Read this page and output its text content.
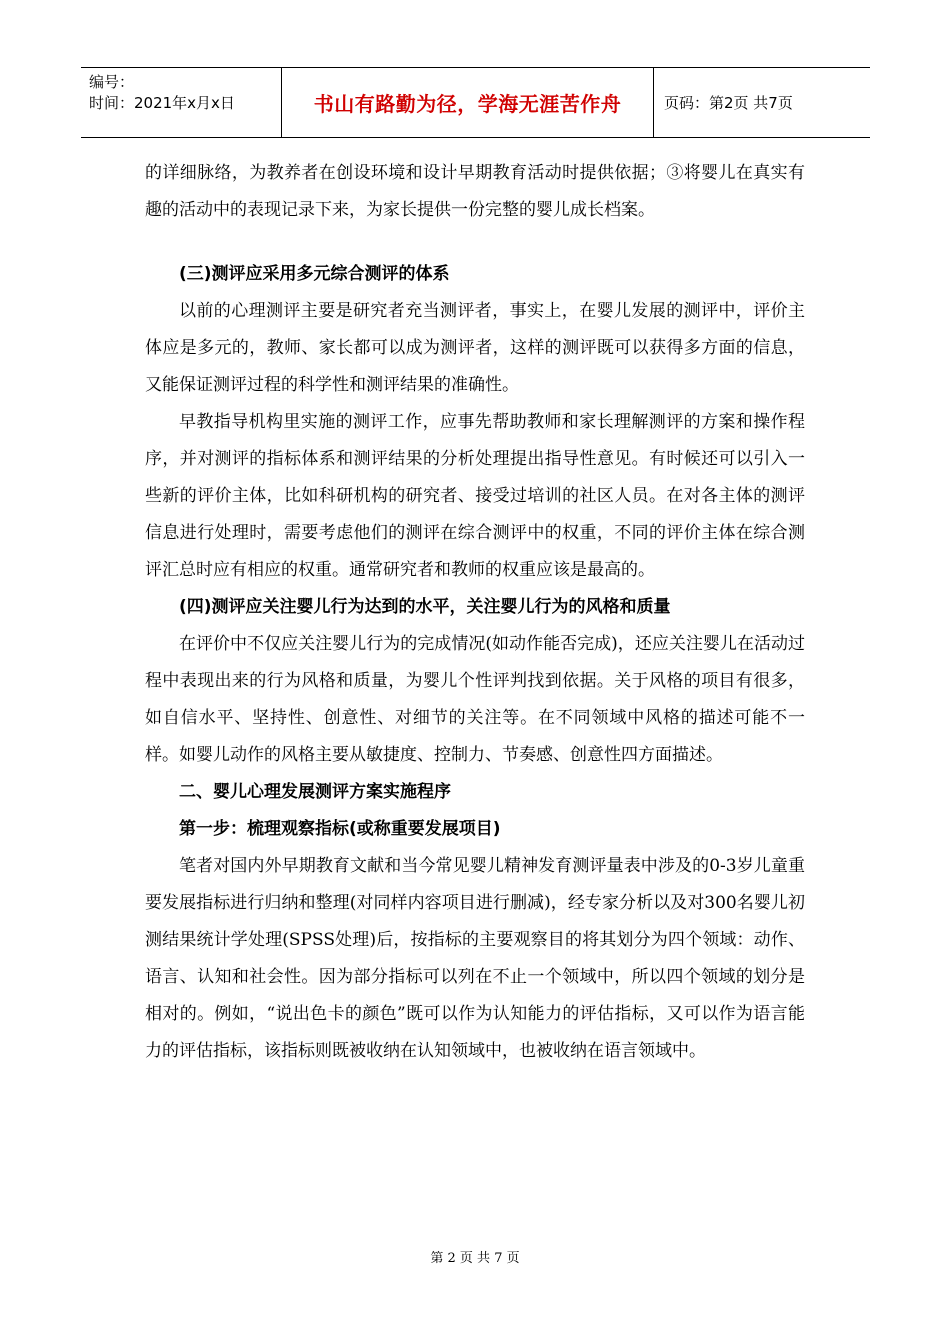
编号：
时间：2021年x月x日	书山有路勤为径，学海无涯苦作舟	页码：第2页 共7页

的详细脉络，为教养者在创设环境和设计早期教育活动时提供依据；③将婴儿在真实有趣的活动中的表现记录下来，为家长提供一份完整的婴儿成长档案。

(三)测评应采用多元综合测评的体系

以前的心理测评主要是研究者充当测评者，事实上，在婴儿发展的测评中，评价主体应是多元的，教师、家长都可以成为测评者，这样的测评既可以获得多方面的信息，又能保证测评过程的科学性和测评结果的准确性。

早教指导机构里实施的测评工作，应事先帮助教师和家长理解测评的方案和操作程序，并对测评的指标体系和测评结果的分析处理提出指导性意见。有时候还可以引入一些新的评价主体，比如科研机构的研究者、接受过培训的社区人员。在对各主体的测评信息进行处理时，需要考虑他们的测评在综合测评中的权重，不同的评价主体在综合测评汇总时应有相应的权重。通常研究者和教师的权重应该是最高的。

(四)测评应关注婴儿行为达到的水平，关注婴儿行为的风格和质量

在评价中不仅应关注婴儿行为的完成情况(如动作能否完成)，还应关注婴儿在活动过程中表现出来的行为风格和质量，为婴儿个性评判找到依据。关于风格的项目有很多，如自信水平、坚持性、创意性、对细节的关注等。在不同领域中风格的描述可能不一样。如婴儿动作的风格主要从敏捷度、控制力、节奏感、创意性四方面描述。

二、婴儿心理发展测评方案实施程序

第一步：梳理观察指标(或称重要发展项目)

笔者对国内外早期教育文献和当今常见婴儿精神发育测评量表中涉及的0-3岁儿童重要发展指标进行归纳和整理(对同样内容项目进行删减)，经专家分析以及对300名婴儿初测结果统计学处理(SPSS处理)后，按指标的主要观察目的将其划分为四个领域：动作、语言、认知和社会性。因为部分指标可以列在不止一个领域中，所以四个领域的划分是相对的。例如，“说出色卡的颜色”既可以作为认知能力的评估指标，又可以作为语言能力的评估指标，该指标则既被收纳在认知领域中，也被收纳在语言领域中。

第 2 页 共 7 页
